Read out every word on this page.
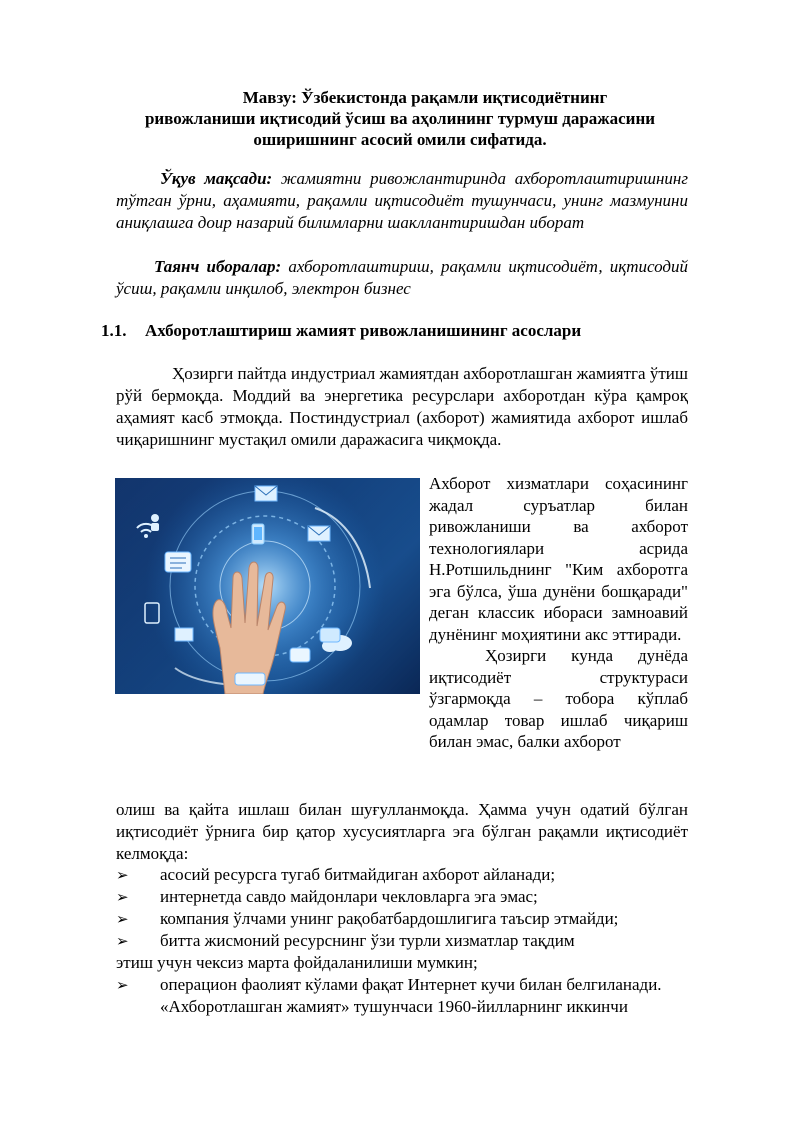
Мавзу: Ўзбекистонда рақамли иқтисодиётнинг
ривожланиши иқтисодий ўсиш ва аҳолининг турмуш даражасини
оширишнинг асосий омили сифатида.

Ўқув мақсади: жамиятни ривожлантиринда ахборотлаштиришнинг тўтган ўрни, аҳамияти, рақамли иқтисодиёт тушунчаси, унинг мазмунини аниқлашга доир назарий билимларни шакллантиришдан иборат

Таянч иборалар: ахборотлаштириш, рақамли иқтисодиёт, иқтисодий ўсиш, рақамли инқилоб, электрон бизнес

1.1. Ахборотлаштириш жамият ривожланишининг асослари

Ҳозирги пайтда индустриал жамиятдан ахборотлашган жамиятга ўтиш рўй бермоқда. Моддий ва энергетика ресурслари ахборотдан кўра қамроқ аҳамият касб этмоқда. Постиндустриал (ахборот) жамиятида ахборот ишлаб чиқаришнинг мустақил омили даражасига чиқмоқда.

Ахборот хизматлари соҳасининг жадал суръатлар билан ривожланиши ва ахборот технологиялари асрида Н.Ротшильднинг "Ким ахборотга эга бўлса, ўша дунёни бошқаради" деган классик ибораси замноавий дунёнинг моҳиятини акс эттиради.

Ҳозирги кунда дунёда иқтисодиёт структураси ўзгармоқда – тобора кўплаб одамлар товар ишлаб чиқариш билан эмас, балки ахборот

олиш ва қайта ишлаш билан шуғулланмоқда. Ҳамма учун одатий бўлган иқтисодиёт ўрнига бир қатор хусусиятларга эга бўлган рақамли иқтисодиёт келмоқда:

➢ асосий ресурсга тугаб битмайдиган ахборот айланади;
➢ интернетда савдо майдонлари чекловларга эга эмас;
➢ компания ўлчами унинг рақобатбардошлигига таъсир этмайди;
➢ битта жисмоний ресурснинг ўзи турли хизматлар тақдим
этиш учун чексиз марта фойдаланилиши мумкин;
➢ операцион фаолият кўлами фақат Интернет кучи билан белгиланади.

«Ахборотлашган жамият» тушунчаси 1960-йилларнинг иккинчи
